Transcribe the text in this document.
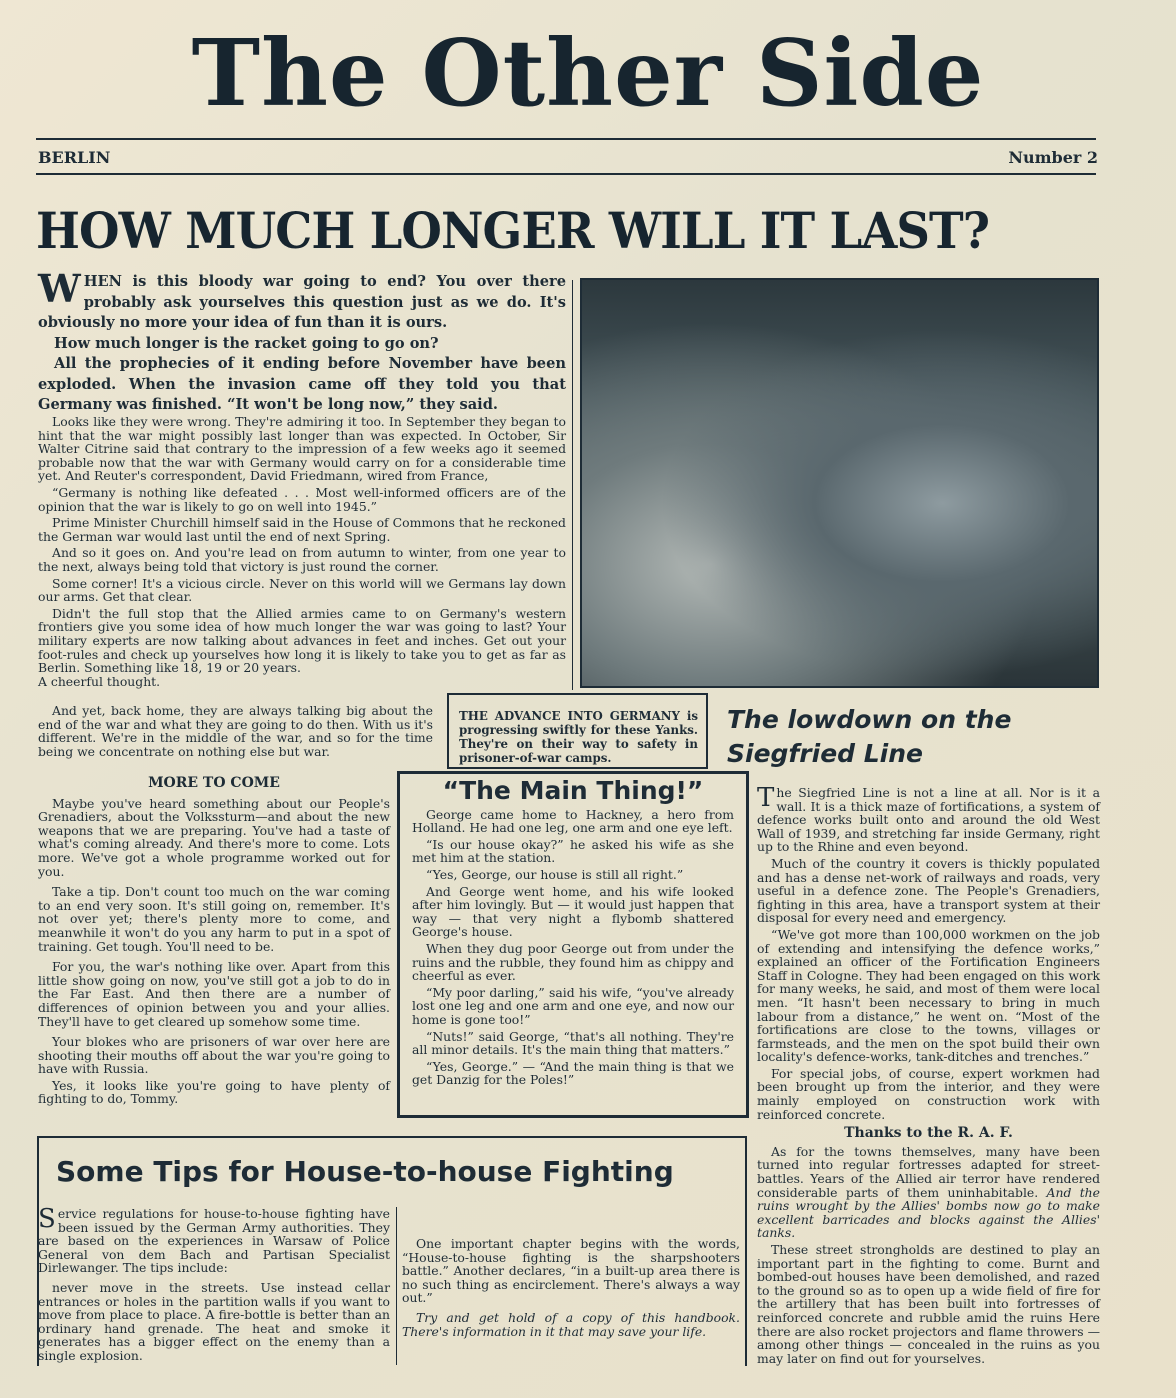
The Other Side
BERLIN	Number 2
HOW MUCH LONGER WILL IT LAST?

WHEN is this bloody war going to end? You over there probably ask yourselves this question just as we do. It's obviously no more your idea of fun than it is ours.

How much longer is the racket going to go on?

All the prophecies of it ending before November have been exploded. When the invasion came off they told you that Germany was finished. “It won't be long now,” they said.

Looks like they were wrong. They're admiring it too. In September they began to hint that the war might possibly last longer than was expected. In October, Sir Walter Citrine said that contrary to the impression of a few weeks ago it seemed probable now that the war with Germany would carry on for a considerable time yet. And Reuter's correspondent, David Friedmann, wired from France,

“Germany is nothing like defeated . . . Most well-informed officers are of the opinion that the war is likely to go on well into 1945.”

Prime Minister Churchill himself said in the House of Commons that he reckoned the German war would last until the end of next Spring.

And so it goes on. And you're lead on from autumn to winter, from one year to the next, always being told that victory is just round the corner.

Some corner! It's a vicious circle. Never on this world will we Germans lay down our arms. Get that clear.

Didn't the full stop that the Allied armies came to on Germany's western frontiers give you some idea of how much longer the war was going to last? Your military experts are now talking about advances in feet and inches. Get out your foot-rules and check up yourselves how long it is likely to take you to get as far as Berlin. Something like 18, 19 or 20 years.

A cheerful thought.

And yet, back home, they are always talking big about the end of the war and what they are going to do then. With us it's different. We're in the middle of the war, and so for the time being we concentrate on nothing else but war.

THE ADVANCE INTO GERMANY is progressing swiftly for these Yanks. They're on their way to safety in prisoner-of-war camps.
The lowdown on the
Siegfried Line
MORE TO COME

Maybe you've heard something about our People's Grenadiers, about the Volkssturm—and about the new weapons that we are preparing. You've had a taste of what's coming already. And there's more to come. Lots more. We've got a whole programme worked out for you.

Take a tip. Don't count too much on the war coming to an end very soon. It's still going on, remember. It's not over yet; there's plenty more to come, and meanwhile it won't do you any harm to put in a spot of training. Get tough. You'll need to be.

For you, the war's nothing like over. Apart from this little show going on now, you've still got a job to do in the Far East. And then there are a number of differences of opinion between you and your allies. They'll have to get cleared up somehow some time.

Your blokes who are prisoners of war over here are shooting their mouths off about the war you're going to have with Russia.

Yes, it looks like you're going to have plenty of fighting to do, Tommy.

“The Main Thing!”

George came home to Hackney, a hero from Holland. He had one leg, one arm and one eye left.

“Is our house okay?” he asked his wife as she met him at the station.

“Yes, George, our house is still all right.”

And George went home, and his wife looked after him lovingly. But — it would just happen that way — that very night a flybomb shattered George's house.

When they dug poor George out from under the ruins and the rubble, they found him as chippy and cheerful as ever.

“My poor darling,” said his wife, “you've already lost one leg and one arm and one eye, and now our home is gone too!”

“Nuts!” said George, “that's all nothing. They're all minor details. It's the main thing that matters.”

“Yes, George.” — “And the main thing is that we get Danzig for the Poles!”

The Siegfried Line is not a line at all. Nor is it a wall. It is a thick maze of fortifications, a system of defence works built onto and around the old West Wall of 1939, and stretching far inside Germany, right up to the Rhine and even beyond.

Much of the country it covers is thickly populated and has a dense net-work of railways and roads, very useful in a defence zone. The People's Grenadiers, fighting in this area, have a transport system at their disposal for every need and emergency.

“We've got more than 100,000 workmen on the job of extending and intensifying the defence works,” explained an officer of the Fortification Engineers Staff in Cologne. They had been engaged on this work for many weeks, he said, and most of them were local men. “It hasn't been necessary to bring in much labour from a distance,” he went on. “Most of the fortifications are close to the towns, villages or farmsteads, and the men on the spot build their own locality's defence-works, tank-ditches and trenches.”

For special jobs, of course, expert workmen had been brought up from the interior, and they were mainly employed on construction work with reinforced concrete.

Thanks to the R. A. F.

As for the towns themselves, many have been turned into regular fortresses adapted for street-battles. Years of the Allied air terror have rendered considerable parts of them uninhabitable. And the ruins wrought by the Allies' bombs now go to make excellent barricades and blocks against the Allies' tanks.

These street strongholds are destined to play an important part in the fighting to come. Burnt and bombed-out houses have been demolished, and razed to the ground so as to open up a wide field of fire for the artillery that has been built into fortresses of reinforced concrete and rubble amid the ruins Here there are also rocket projectors and flame throwers — among other things — concealed in the ruins as you may later on find out for yourselves.

Some Tips for House-to-house Fighting

Service regulations for house-to-house fighting have been issued by the German Army authorities. They are based on the experiences in Warsaw of Police General von dem Bach and Partisan Specialist Dirlewanger. The tips include:

never move in the streets. Use instead cellar entrances or holes in the partition walls if you want to move from place to place. A fire-bottle is better than an ordinary hand grenade. The heat and smoke it generates has a bigger effect on the enemy than a single explosion.

One important chapter begins with the words, “House-to-house fighting is the sharpshooters battle.” Another declares, “in a built-up area there is no such thing as encirclement. There's always a way out.”

Try and get hold of a copy of this handbook. There's information in it that may save your life.
